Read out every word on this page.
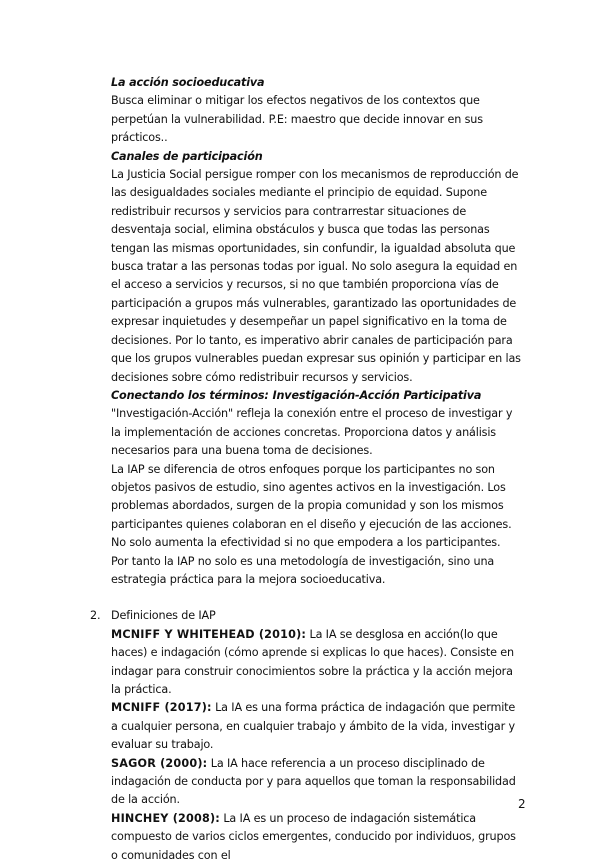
La acción socioeducativa

Busca eliminar o mitigar los efectos negativos de los contextos que perpetúan la vulnerabilidad. P.E: maestro que decide innovar en sus prácticos..

Canales de participación

La Justicia Social persigue romper con los mecanismos de reproducción de las desigualdades sociales mediante el principio de equidad. Supone redistribuir recursos y servicios para contrarrestar situaciones de desventaja social, elimina obstáculos y busca que todas las personas tengan las mismas oportunidades, sin confundir, la igualdad absoluta que busca tratar a las personas todas por igual. No solo asegura la equidad en el acceso a servicios y recursos, si no que también proporciona vías de participación a grupos más vulnerables, garantizado las oportunidades de expresar inquietudes y desempeñar un papel significativo en la toma de decisiones. Por lo tanto, es imperativo abrir canales de participación para que los grupos vulnerables puedan expresar sus opinión y participar en las decisiones sobre cómo redistribuir recursos y servicios.

Conectando los términos: Investigación-Acción Participativa

"Investigación-Acción" refleja la conexión entre el proceso de investigar y la implementación de acciones concretas. Proporciona datos y análisis necesarios para una buena toma de decisiones.

La IAP se diferencia de otros enfoques porque los participantes no son objetos pasivos de estudio, sino agentes activos en la investigación. Los problemas abordados, surgen de la propia comunidad y son los mismos participantes quienes colaboran en el diseño y ejecución de las acciones. No solo aumenta la efectividad si no que empodera a los participantes.

Por tanto la IAP no solo es una metodología de investigación, sino una estrategia práctica para la mejora socioeducativa.

2. Definiciones de IAP

MCNIFF Y WHITEHEAD (2010): La IA se desglosa en acción(lo que haces) e indagación (cómo aprende si explicas lo que haces). Consiste en indagar para construir conocimientos sobre la práctica y la acción mejora la práctica.

MCNIFF (2017): La IA es una forma práctica de indagación que permite a cualquier persona, en cualquier trabajo y ámbito de la vida, investigar y evaluar su trabajo.

SAGOR (2000): La IA hace referencia a un proceso disciplinado de indagación de conducta por y para aquellos que toman la responsabilidad de la acción.

HINCHEY (2008): La IA es un proceso de indagación sistemática compuesto de varios ciclos emergentes, conducido por individuos, grupos o comunidades con el

2
